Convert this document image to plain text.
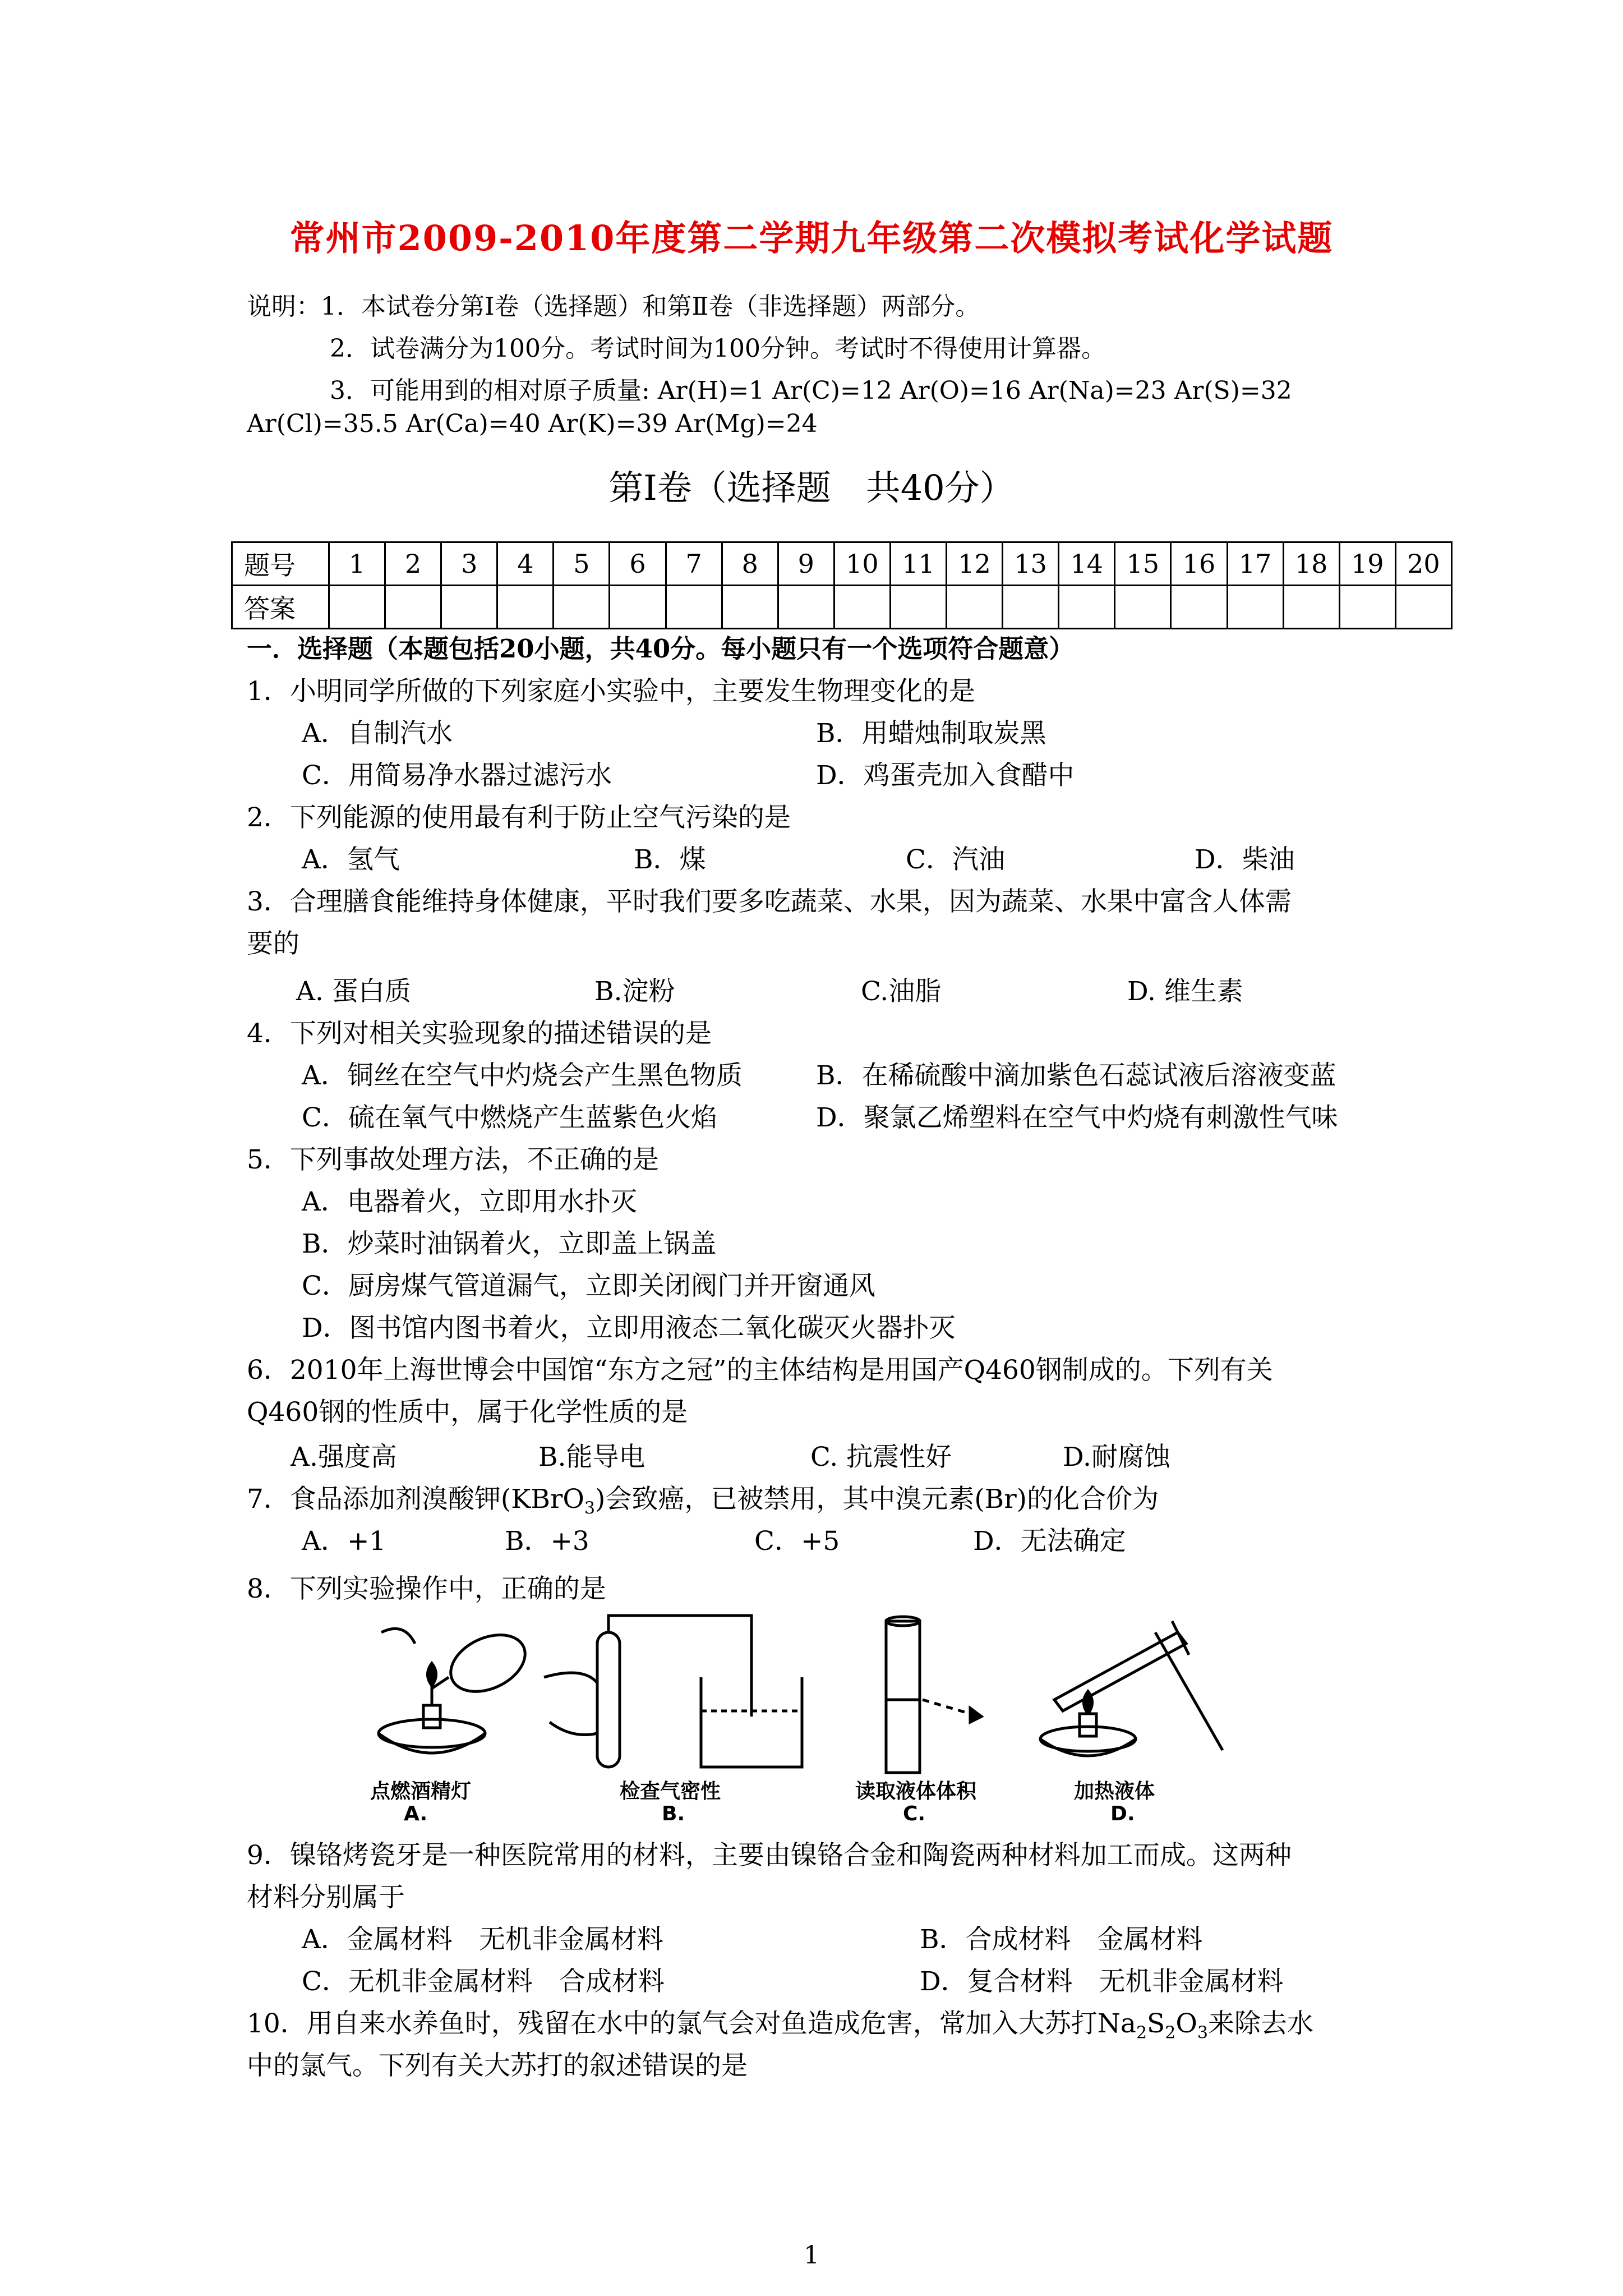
常州市2009-2010年度第二学期九年级第二次模拟考试化学试题
说明：1．本试卷分第Ⅰ卷（选择题）和第Ⅱ卷（非选择题）两部分。
2．试卷满分为100分。考试时间为100分钟。考试时不得使用计算器。
3．可能用到的相对原子质量: Ar(H)=1 Ar(C)=12 Ar(O)=16 Ar(Na)=23 Ar(S)=32
Ar(Cl)=35.5 Ar(Ca)=40 Ar(K)=39 Ar(Mg)=24
第Ⅰ卷（选择题　共40分）
题号	1	2	3	4	5	6	7	8	9	10	11	12	13	14	15	16	17	18	19	20
答案																				
一．选择题（本题包括20小题，共40分。每小题只有一个选项符合题意）
1．小明同学所做的下列家庭小实验中，主要发生物理变化的是
A．自制汽水	B．用蜡烛制取炭黑
C．用简易净水器过滤污水	D．鸡蛋壳加入食醋中
2．下列能源的使用最有利于防止空气污染的是
A．氢气	B．煤	C．汽油	D．柴油
3．合理膳食能维持身体健康，平时我们要多吃蔬菜、水果，因为蔬菜、水果中富含人体需
要的
A. 蛋白质	B.淀粉	C.油脂	D. 维生素
4．下列对相关实验现象的描述错误的是
A．铜丝在空气中灼烧会产生黑色物质	B．在稀硫酸中滴加紫色石蕊试液后溶液变蓝
C．硫在氧气中燃烧产生蓝紫色火焰	D．聚氯乙烯塑料在空气中灼烧有刺激性气味
5．下列事故处理方法，不正确的是
A．电器着火，立即用水扑灭
B．炒菜时油锅着火，立即盖上锅盖
C．厨房煤气管道漏气，立即关闭阀门并开窗通风
D．图书馆内图书着火，立即用液态二氧化碳灭火器扑灭
6．2010年上海世博会中国馆“东方之冠”的主体结构是用国产Q460钢制成的。下列有关
Q460钢的性质中，属于化学性质的是
A.强度高	B.能导电	C. 抗震性好	D.耐腐蚀
7．食品添加剂溴酸钾(KBrO$_3$)会致癌，已被禁用，其中溴元素(Br)的化合价为
A．+1	B．+3	C．+5	D．无法确定
8．下列实验操作中，正确的是
点燃酒精灯	检查气密性	读取液体体积	加热液体
A.	B.	C.	D.
9．镍铬烤瓷牙是一种医院常用的材料，主要由镍铬合金和陶瓷两种材料加工而成。这两种
材料分别属于
A．金属材料　无机非金属材料	B．合成材料　金属材料
C．无机非金属材料　合成材料	D．复合材料　无机非金属材料
10．用自来水养鱼时，残留在水中的氯气会对鱼造成危害，常加入大苏打$Na_2S_2O_3$来除去水
中的氯气。下列有关大苏打的叙述错误的是
1
